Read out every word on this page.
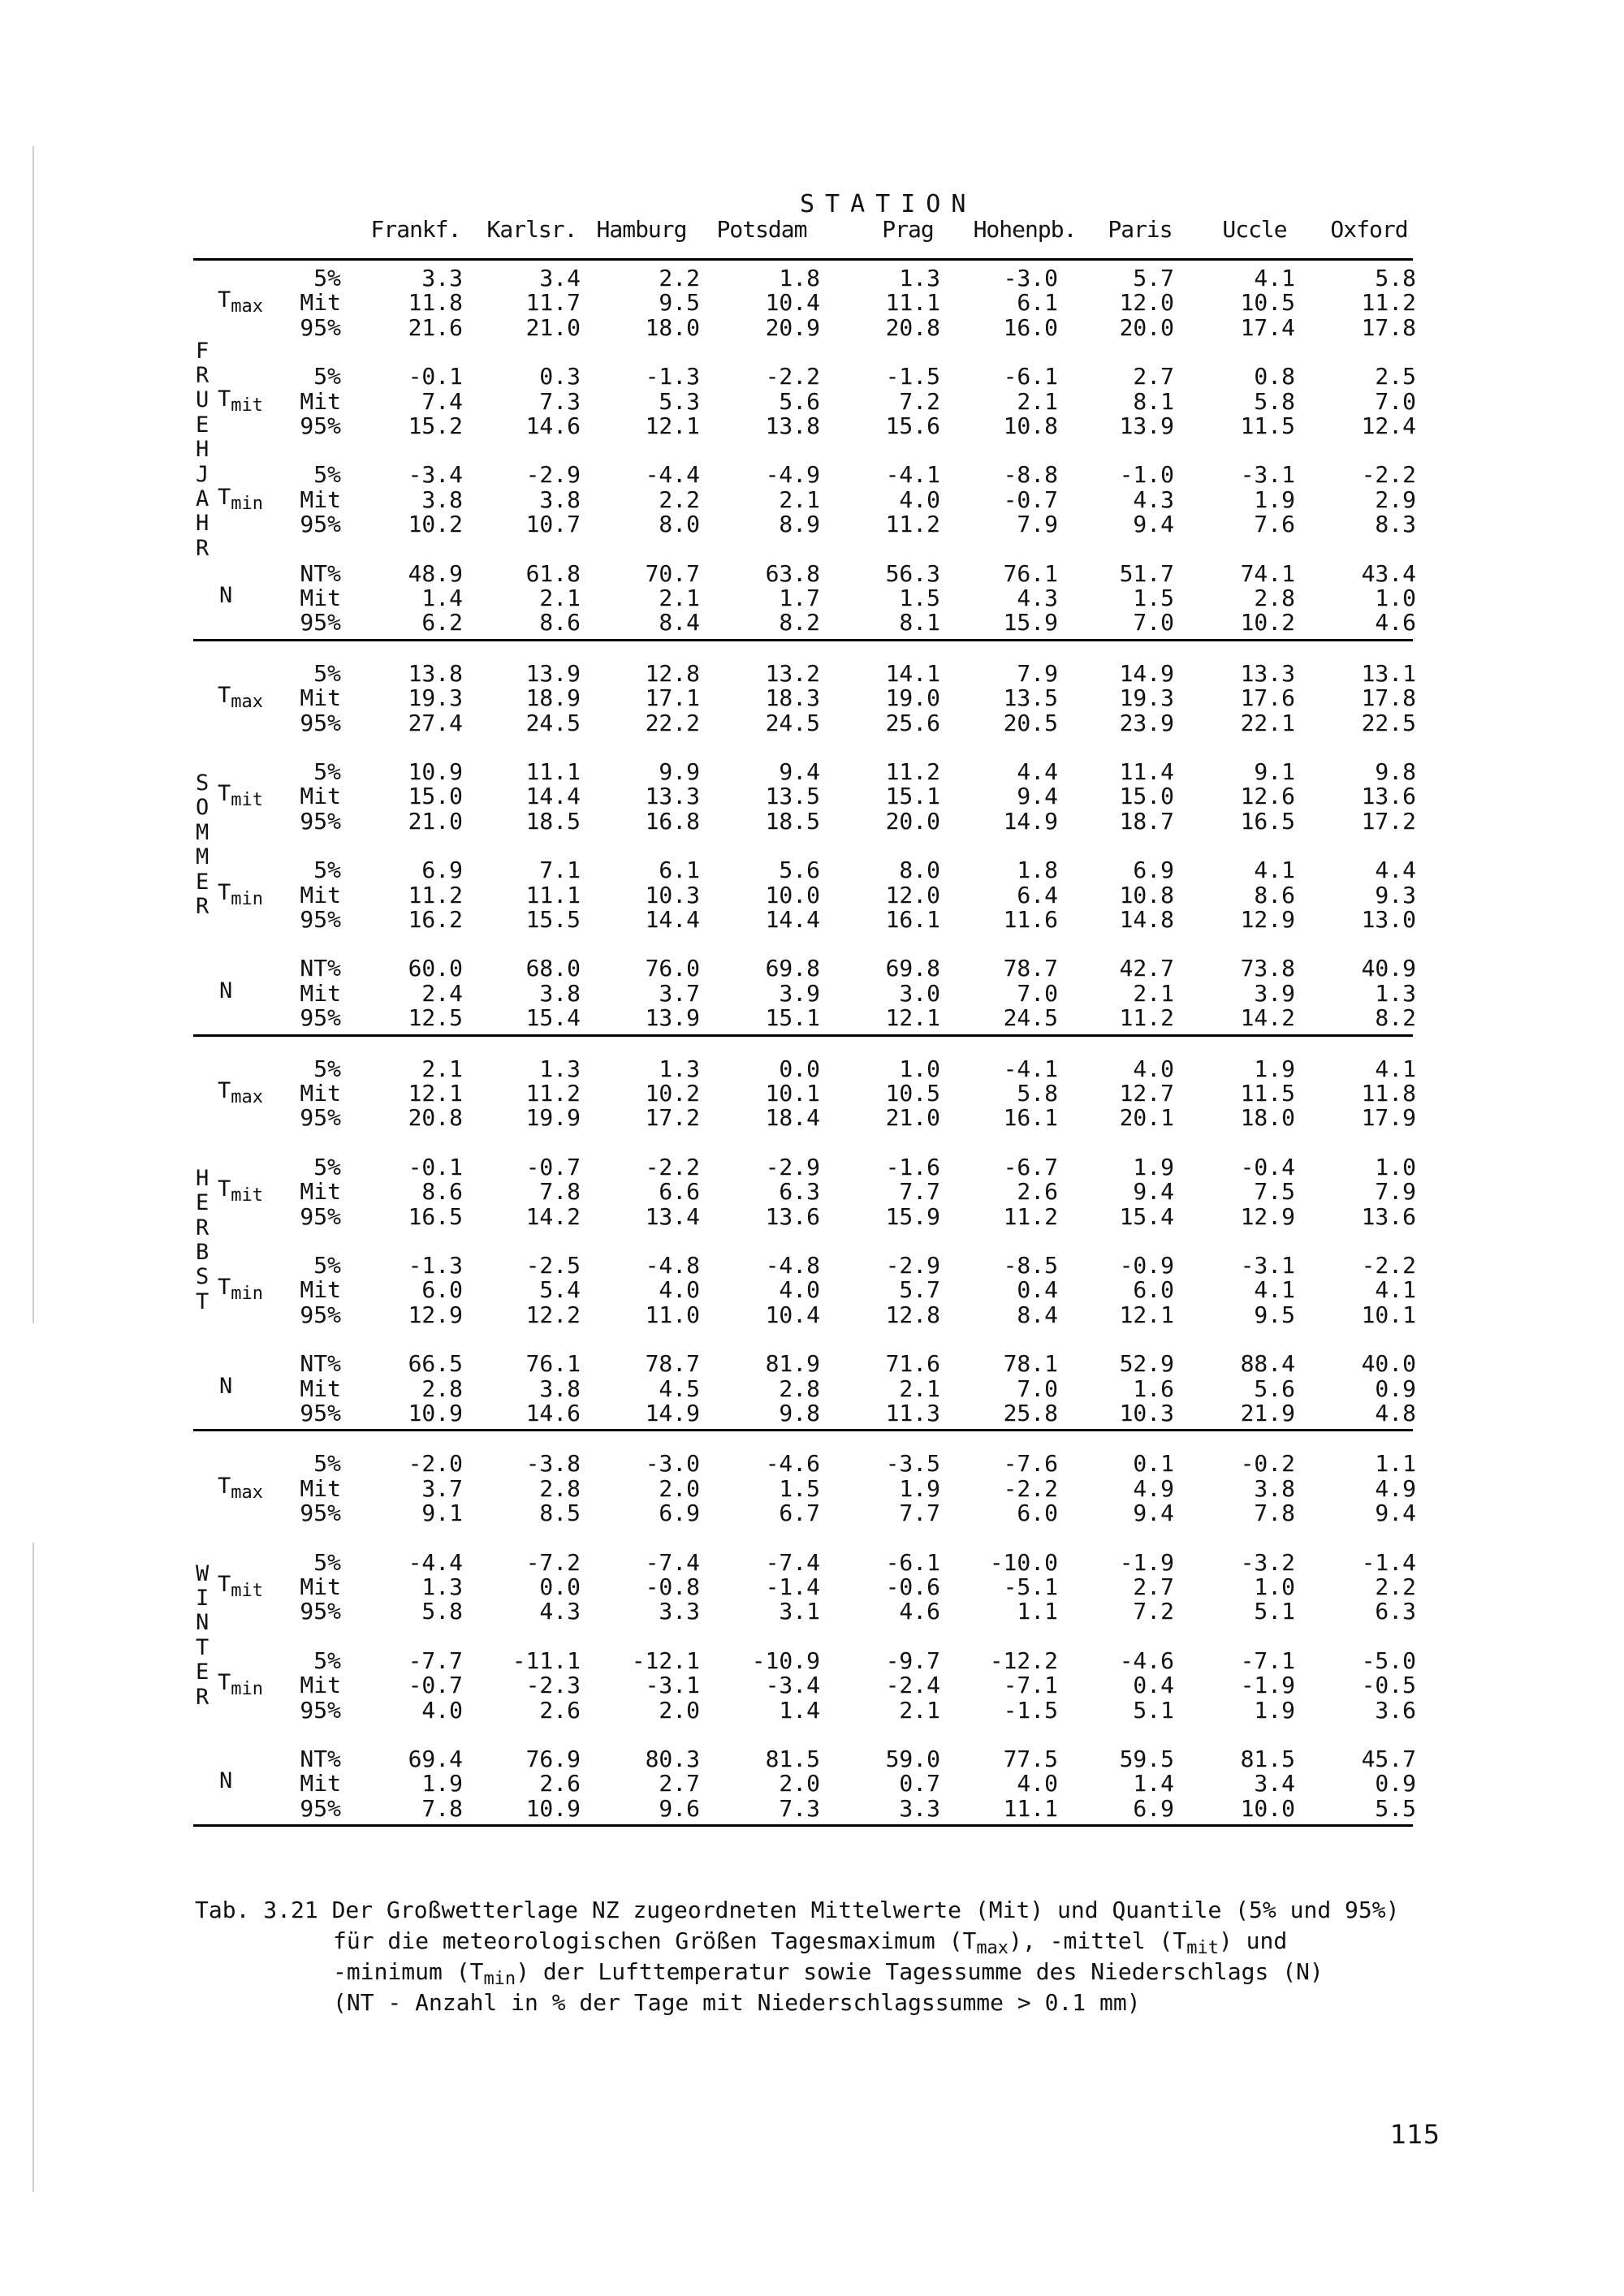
STATION
Frankf. Karlsr. Hamburg Potsdam	Prag Hohenpb. Paris Uccle Oxford
5%	3.3	3.4	2.2	1.8	1.3	-3.0	5.7	4.1	5.8
Mit	11.8	11.7	9.5	10.4	11.1	6.1	12.0	10.5	11.2
95%	21.6	21.0	18.0	20.9	20.8	16.0	20.0	17.4	17.8
$T_{max}$
5%	-0.1	0.3	-1.3	-2.2	-1.5	-6.1	2.7	0.8	2.5
Mit	7.4	7.3	5.3	5.6	7.2	2.1	8.1	5.8	7.0
95%	15.2	14.6	12.1	13.8	15.6	10.8	13.9	11.5	12.4
$T_{mit}$
5%	-3.4	-2.9	-4.4	-4.9	-4.1	-8.8	-1.0	-3.1	-2.2
Mit	3.8	3.8	2.2	2.1	4.0	-0.7	4.3	1.9	2.9
95%	10.2	10.7	8.0	8.9	11.2	7.9	9.4	7.6	8.3
$T_{min}$
NT%	48.9	61.8	70.7	63.8	56.3	76.1	51.7	74.1	43.4
Mit	1.4	2.1	2.1	1.7	1.5	4.3	1.5	2.8	1.0
95%	6.2	8.6	8.4	8.2	8.1	15.9	7.0	10.2	4.6
N
F
R
U
E
H
J
A
H
R
5%	13.8	13.9	12.8	13.2	14.1	7.9	14.9	13.3	13.1
Mit	19.3	18.9	17.1	18.3	19.0	13.5	19.3	17.6	17.8
95%	27.4	24.5	22.2	24.5	25.6	20.5	23.9	22.1	22.5
$T_{max}$
5%	10.9	11.1	9.9	9.4	11.2	4.4	11.4	9.1	9.8
Mit	15.0	14.4	13.3	13.5	15.1	9.4	15.0	12.6	13.6
95%	21.0	18.5	16.8	18.5	20.0	14.9	18.7	16.5	17.2
$T_{mit}$
5%	6.9	7.1	6.1	5.6	8.0	1.8	6.9	4.1	4.4
Mit	11.2	11.1	10.3	10.0	12.0	6.4	10.8	8.6	9.3
95%	16.2	15.5	14.4	14.4	16.1	11.6	14.8	12.9	13.0
$T_{min}$
NT%	60.0	68.0	76.0	69.8	69.8	78.7	42.7	73.8	40.9
Mit	2.4	3.8	3.7	3.9	3.0	7.0	2.1	3.9	1.3
95%	12.5	15.4	13.9	15.1	12.1	24.5	11.2	14.2	8.2
N
S
O
M
M
E
R
5%	2.1	1.3	1.3	0.0	1.0	-4.1	4.0	1.9	4.1
Mit	12.1	11.2	10.2	10.1	10.5	5.8	12.7	11.5	11.8
95%	20.8	19.9	17.2	18.4	21.0	16.1	20.1	18.0	17.9
$T_{max}$
5%	-0.1	-0.7	-2.2	-2.9	-1.6	-6.7	1.9	-0.4	1.0
Mit	8.6	7.8	6.6	6.3	7.7	2.6	9.4	7.5	7.9
95%	16.5	14.2	13.4	13.6	15.9	11.2	15.4	12.9	13.6
$T_{mit}$
5%	-1.3	-2.5	-4.8	-4.8	-2.9	-8.5	-0.9	-3.1	-2.2
Mit	6.0	5.4	4.0	4.0	5.7	0.4	6.0	4.1	4.1
95%	12.9	12.2	11.0	10.4	12.8	8.4	12.1	9.5	10.1
$T_{min}$
NT%	66.5	76.1	78.7	81.9	71.6	78.1	52.9	88.4	40.0
Mit	2.8	3.8	4.5	2.8	2.1	7.0	1.6	5.6	0.9
95%	10.9	14.6	14.9	9.8	11.3	25.8	10.3	21.9	4.8
N
H
E
R
B
S
T
5%	-2.0	-3.8	-3.0	-4.6	-3.5	-7.6	0.1	-0.2	1.1
Mit	3.7	2.8	2.0	1.5	1.9	-2.2	4.9	3.8	4.9
95%	9.1	8.5	6.9	6.7	7.7	6.0	9.4	7.8	9.4
$T_{max}$
5%	-4.4	-7.2	-7.4	-7.4	-6.1 -10.0	-1.9	-3.2	-1.4
Mit	1.3	0.0	-0.8	-1.4	-0.6	-5.1	2.7	1.0	2.2
95%	5.8	4.3	3.3	3.1	4.6	1.1	7.2	5.1	6.3
$T_{mit}$
5%	-7.7 -11.1 -12.1 -10.9	-9.7 -12.2	-4.6	-7.1	-5.0
Mit	-0.7	-2.3	-3.1	-3.4	-2.4	-7.1	0.4	-1.9	-0.5
95%	4.0	2.6	2.0	1.4	2.1	-1.5	5.1	1.9	3.6
$T_{min}$
NT%	69.4	76.9	80.3	81.5	59.0	77.5	59.5	81.5	45.7
Mit	1.9	2.6	2.7	2.0	0.7	4.0	1.4	3.4	0.9
95%	7.8	10.9	9.6	7.3	3.3	11.1	6.9	10.0	5.5
N
W
I
N
T
E
R
Tab. 3.21 Der Großwetterlage NZ zugeordneten Mittelwerte (Mit) und Quantile (5% und 95%)
für die meteorologischen Größen Tagesmaximum $(T_{max})$, -mittel $(T_{mit})$ und
-minimum $(T_{min})$ der Lufttemperatur sowie Tagessumme des Niederschlags (N)
(NT - Anzahl in % der Tage mit Niederschlagssumme > 0.1 mm)
115
